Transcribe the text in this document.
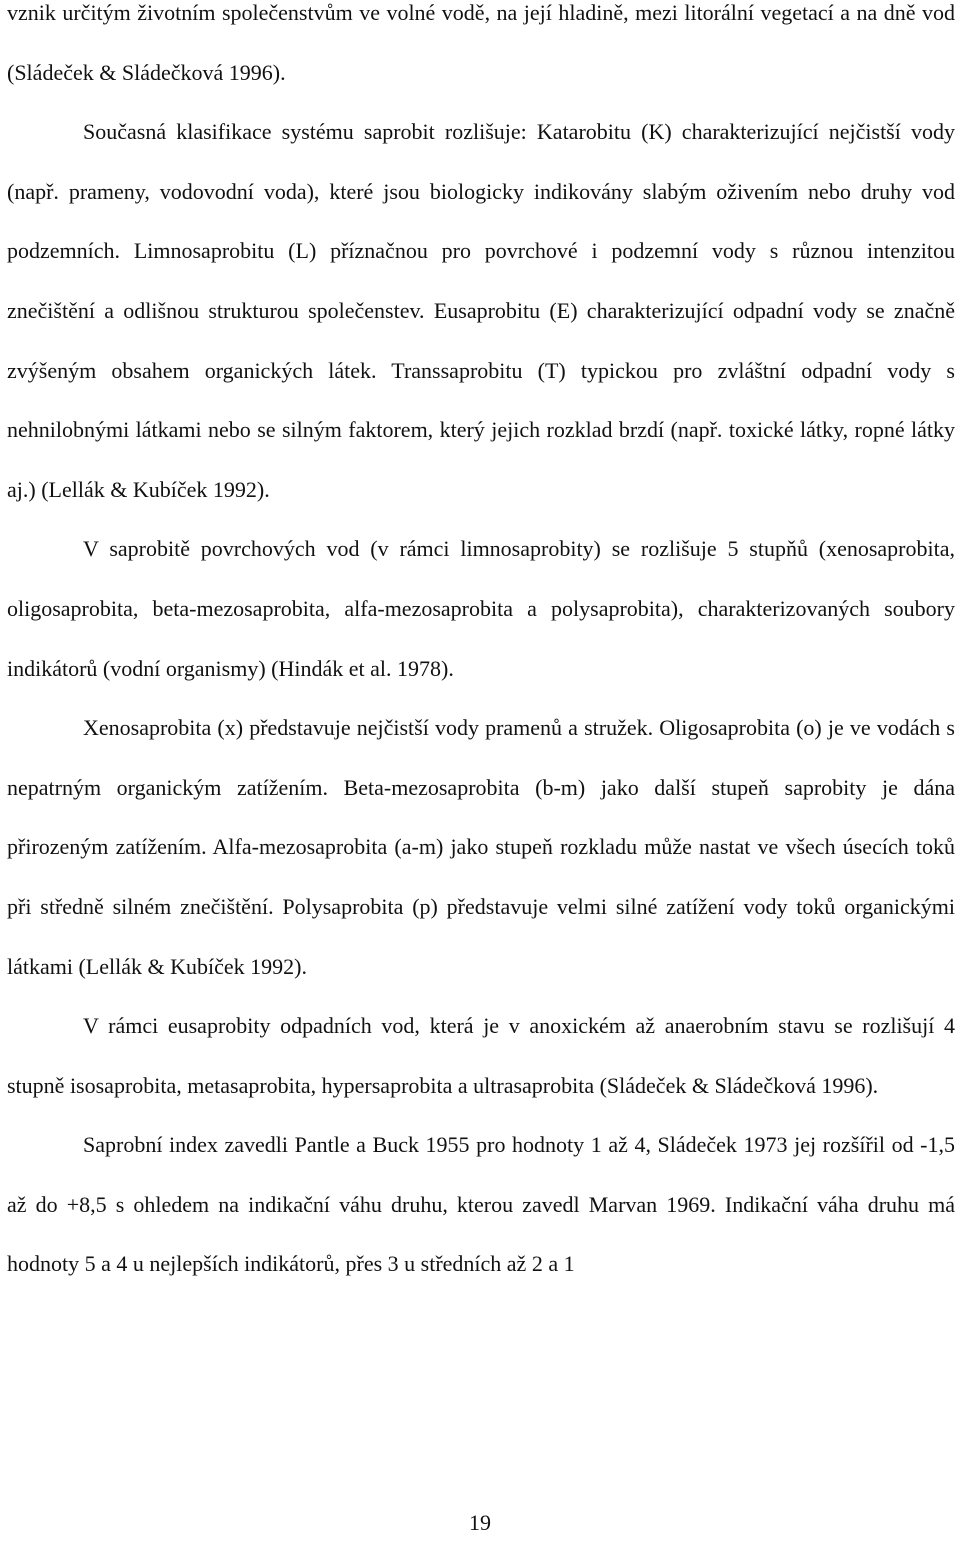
vznik určitým životním společenstvům ve volné vodě, na její hladině, mezi litorální vegetací a na dně vod (Sládeček & Sládečková 1996).

Současná klasifikace systému saprobit rozlišuje: Katarobitu (K) charakterizující nejčistší vody (např. prameny, vodovodní voda), které jsou biologicky indikovány slabým oživením nebo druhy vod podzemních. Limnosaprobitu (L) příznačnou pro povrchové i podzemní vody s různou intenzitou znečištění a odlišnou strukturou společenstev. Eusaprobitu (E) charakterizující odpadní vody se značně zvýšeným obsahem organických látek. Transsaprobitu (T) typickou pro zvláštní odpadní vody s nehnilobnými látkami nebo se silným faktorem, který jejich rozklad brzdí (např. toxické látky, ropné látky aj.) (Lellák & Kubíček 1992).

V saprobitě povrchových vod (v rámci limnosaprobity) se rozlišuje 5 stupňů (xenosaprobita, oligosaprobita, beta-mezosaprobita, alfa-mezosaprobita a polysaprobita), charakterizovaných soubory indikátorů (vodní organismy) (Hindák et al. 1978).

Xenosaprobita (x) představuje nejčistší vody pramenů a stružek. Oligosaprobita (o) je ve vodách s nepatrným organickým zatížením. Beta-mezosaprobita (b-m) jako další stupeň saprobity je dána přirozeným zatížením. Alfa-mezosaprobita (a-m) jako stupeň rozkladu může nastat ve všech úsecích toků při středně silném znečištění. Polysaprobita (p) představuje velmi silné zatížení vody toků organickými látkami (Lellák & Kubíček 1992).

V rámci eusaprobity odpadních vod, která je v anoxickém až anaerobním stavu se rozlišují 4 stupně isosaprobita, metasaprobita, hypersaprobita a ultrasaprobita (Sládeček & Sládečková 1996).

Saprobní index zavedli Pantle a Buck 1955 pro hodnoty 1 až 4, Sládeček 1973 jej rozšířil od -1,5 až do +8,5 s ohledem na indikační váhu druhu, kterou zavedl Marvan 1969. Indikační váha druhu má hodnoty 5 a 4 u nejlepších indikátorů, přes 3 u středních až 2 a 1

19
